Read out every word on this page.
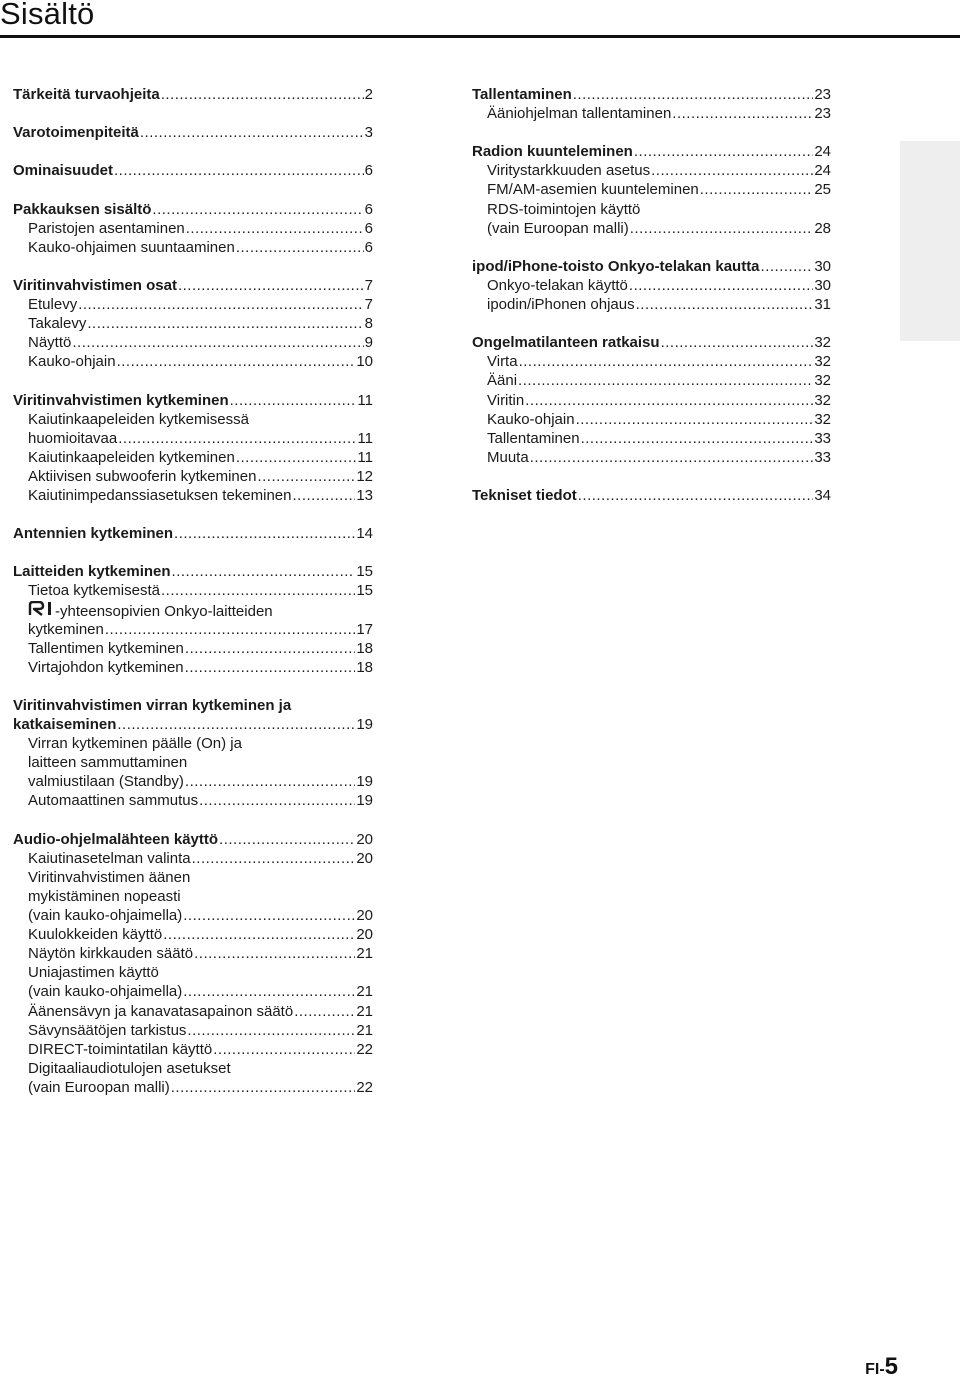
Sisältö
Tärkeitä turvaohjeita .....	2
Varotoimenpiteitä .....	3
Ominaisuudet .....	6
Pakkauksen sisältö .....	6
Paristojen asentaminen .....	6
Kauko-ohjaimen suuntaaminen .....	6
Viritinvahvistimen osat .....	7
Etulevy .....	7
Takalevy .....	8
Näyttö .....	9
Kauko-ohjain .....	10
Viritinvahvistimen kytkeminen .....	11
Kaiutinkaapeleiden kytkemisessä
huomioitavaa .....	11
Kaiutinkaapeleiden kytkeminen .....	11
Aktiivisen subwooferin kytkeminen .....	12
Kaiutinimpedanssiasetuksen tekeminen .....	13
Antennien kytkeminen .....	14
Laitteiden kytkeminen .....	15
Tietoa kytkemisestä .....	15
-yhteensopivien Onkyo-laitteiden
kytkeminen .....	17
Tallentimen kytkeminen .....	18
Virtajohdon kytkeminen .....	18
Viritinvahvistimen virran kytkeminen ja
katkaiseminen .....	19
Virran kytkeminen päälle (On) ja
laitteen sammuttaminen
valmiustilaan (Standby) .....	19
Automaattinen sammutus .....	19
Audio-ohjelmalähteen käyttö .....	20
Kaiutinasetelman valinta .....	20
Viritinvahvistimen äänen
mykistäminen nopeasti
(vain kauko-ohjaimella) .....	20
Kuulokkeiden käyttö .....	20
Näytön kirkkauden säätö .....	21
Uniajastimen käyttö
(vain kauko-ohjaimella) .....	21
Äänensävyn ja kanavatasapainon säätö .....	21
Sävynsäätöjen tarkistus .....	21
DIRECT-toimintatilan käyttö .....	22
Digitaaliaudiotulojen asetukset
(vain Euroopan malli) .....	22
Tallentaminen .....	23
Ääniohjelman tallentaminen .....	23
Radion kuunteleminen .....	24
Viritystarkkuuden asetus .....	24
FM/AM-asemien kuunteleminen .....	25
RDS-toimintojen käyttö
(vain Euroopan malli) .....	28
ipod/iPhone-toisto Onkyo-telakan kautta .....	30
Onkyo-telakan käyttö .....	30
ipodin/iPhonen ohjaus .....	31
Ongelmatilanteen ratkaisu .....	32
Virta .....	32
Ääni .....	32
Viritin .....	32
Kauko-ohjain .....	32
Tallentaminen .....	33
Muuta .....	33
Tekniset tiedot .....	34
FI-5
